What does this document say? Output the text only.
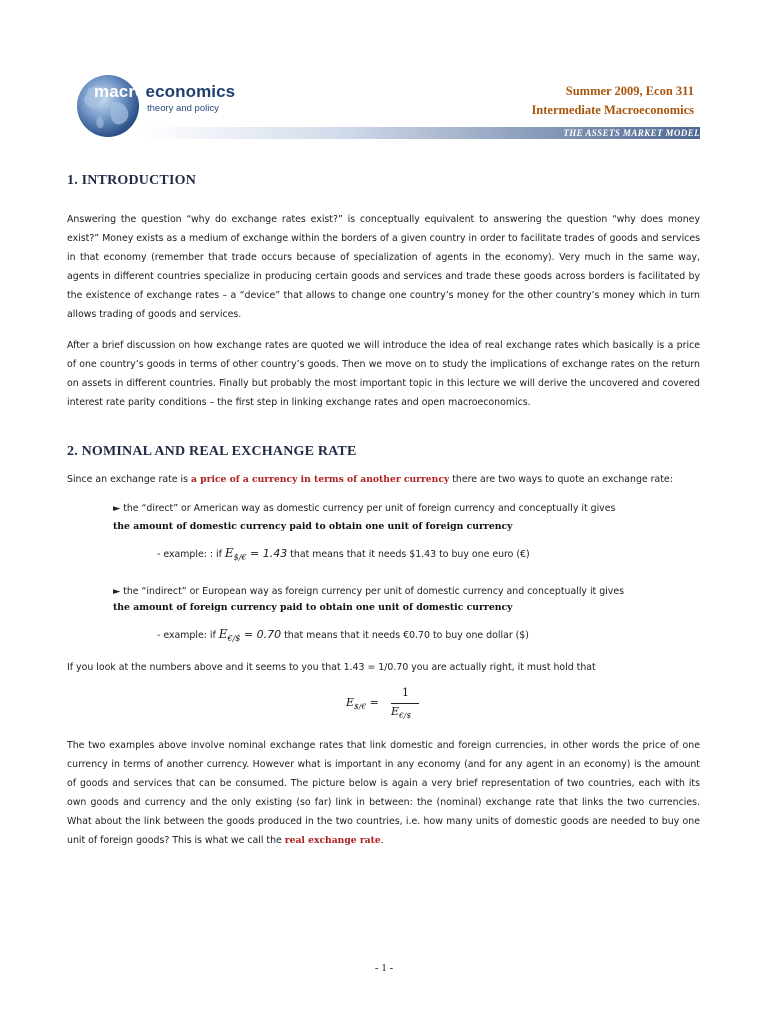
macroeconomics
theory and policy
Summer 2009, Econ 311
Intermediate Macroeconomics
THE ASSETS MARKET MODEL
1. INTRODUCTION
Answering the question “why do exchange rates exist?” is conceptually equivalent to answering the question “why does money exist?” Money exists as a medium of exchange within the borders of a given country in order to facilitate trades of goods and services in that economy (remember that trade occurs because of specialization of agents in the economy). Very much in the same way, agents in different countries specialize in producing certain goods and services and trade these goods across borders is facilitated by the existence of exchange rates – a “device” that allows to change one country’s money for the other country’s money which in turn allows trading of goods and services.
After a brief discussion on how exchange rates are quoted we will introduce the idea of real exchange rates which basically is a price of one country’s goods in terms of other country’s goods. Then we move on to study the implications of exchange rates on the return on assets in different countries. Finally but probably the most important topic in this lecture we will derive the uncovered and covered interest rate parity conditions – the first step in linking exchange rates and open macroeconomics.
2. NOMINAL AND REAL EXCHANGE RATE
Since an exchange rate is a price of a currency in terms of another currency there are two ways to quote an exchange rate:
► the “direct” or American way as domestic currency per unit of foreign currency and conceptually it gives
the amount of domestic currency paid to obtain one unit of foreign currency
- example: : if $E_{\$/€} = 1.43$ that means that it needs $1.43 to buy one euro (€)
► the “indirect” or European way as foreign currency per unit of domestic currency and conceptually it gives
the amount of foreign currency paid to obtain one unit of domestic currency
- example: if $E_{€/\$} = 0.70$ that means that it needs €0.70 to buy one dollar ($)
If you look at the numbers above and it seems to you that 1.43 = 1/0.70 you are actually right, it must hold that
$E_{\$/€}$ =
1
$E_{€/\$}$
The two examples above involve nominal exchange rates that link domestic and foreign currencies, in other words the price of one currency in terms of another currency. However what is important in any economy (and for any agent in an economy) is the amount of goods and services that can be consumed. The picture below is again a very brief representation of two countries, each with its own goods and currency and the only existing (so far) link in between: the (nominal) exchange rate that links the two currencies. What about the link between the goods produced in the two countries, i.e. how many units of domestic goods are needed to buy one unit of foreign goods? This is what we call the real exchange rate.
- 1 -
